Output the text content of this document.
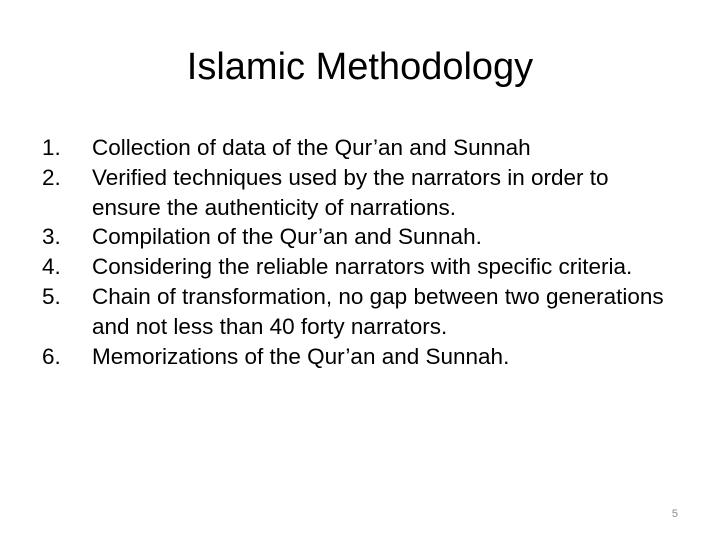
Islamic Methodology
1.	Collection of data of the Qur’an and Sunnah
2.	Verified techniques used by the narrators in order to ensure the authenticity of narrations.
3.	Compilation of the Qur’an and Sunnah.
4.	Considering the reliable narrators with specific criteria.
5.	Chain of transformation, no gap between two generations and not less than 40 forty narrators.
6.	Memorizations of the Qur’an and Sunnah.
5
